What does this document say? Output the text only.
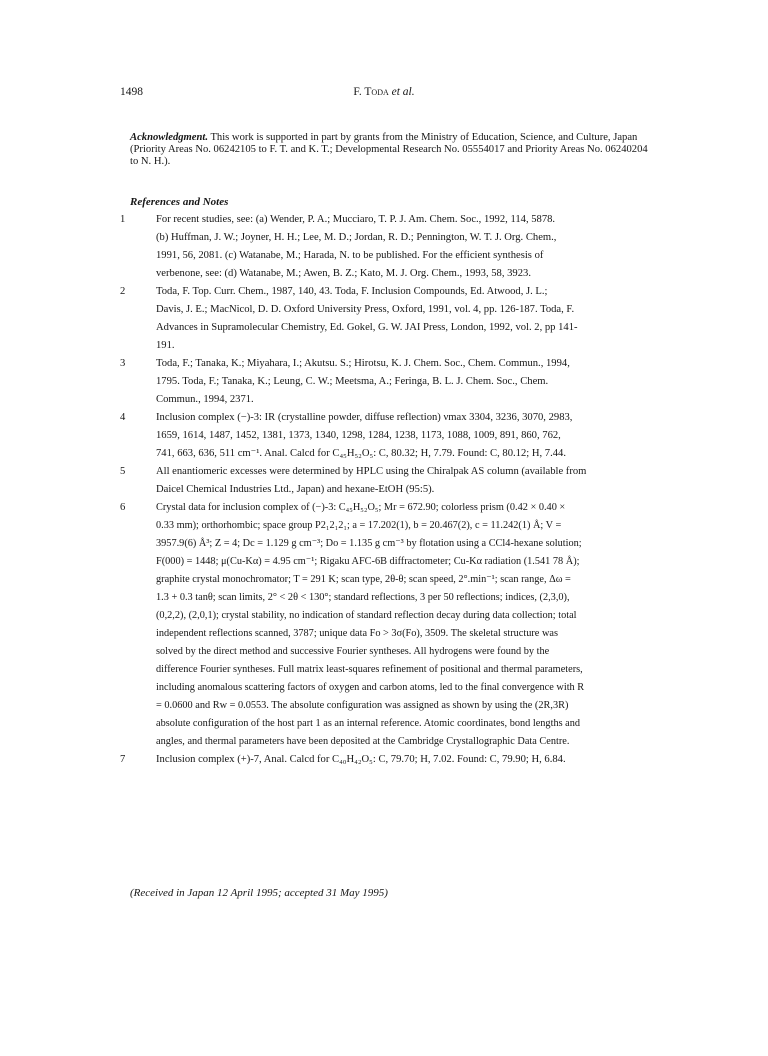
1498	F. Toda et al.
Acknowledgment. This work is supported in part by grants from the Ministry of Education, Science, and Culture, Japan (Priority Areas No. 06242105 to F. T. and K. T.; Developmental Research No. 05554017 and Priority Areas No. 06240204 to N. H.).
References and Notes
1	For recent studies, see: (a) Wender, P. A.; Mucciaro, T. P. J. Am. Chem. Soc., 1992, 114, 5878.
(b) Huffman, J. W.; Joyner, H. H.; Lee, M. D.; Jordan, R. D.; Pennington, W. T. J. Org. Chem.,
1991, 56, 2081. (c) Watanabe, M.; Harada, N. to be published. For the efficient synthesis of
verbenone, see: (d) Watanabe, M.; Awen, B. Z.; Kato, M. J. Org. Chem., 1993, 58, 3923.
2	Toda, F. Top. Curr. Chem., 1987, 140, 43. Toda, F. Inclusion Compounds, Ed. Atwood, J. L.;
Davis, J. E.; MacNicol, D. D. Oxford University Press, Oxford, 1991, vol. 4, pp. 126-187. Toda, F.
Advances in Supramolecular Chemistry, Ed. Gokel, G. W. JAI Press, London, 1992, vol. 2, pp 141-
191.
3	Toda, F.; Tanaka, K.; Miyahara, I.; Akutsu. S.; Hirotsu, K. J. Chem. Soc., Chem. Commun., 1994,
1795. Toda, F.; Tanaka, K.; Leung, C. W.; Meetsma, A.; Feringa, B. L. J. Chem. Soc., Chem.
Commun., 1994, 2371.
4	Inclusion complex (−)-3: IR (crystalline powder, diffuse reflection) νmax 3304, 3236, 3070, 2983,
1659, 1614, 1487, 1452, 1381, 1373, 1340, 1298, 1284, 1238, 1173, 1088, 1009, 891, 860, 762,
741, 663, 636, 511 cm⁻¹. Anal. Calcd for C₄₅H₅₂O₅: C, 80.32; H, 7.79. Found: C, 80.12; H, 7.44.
5	All enantiomeric excesses were determined by HPLC using the Chiralpak AS column (available from
Daicel Chemical Industries Ltd., Japan) and hexane-EtOH (95:5).
6	Crystal data for inclusion complex of (−)-3: C₄₅H₅₂O₅; Mr = 672.90; colorless prism (0.42 × 0.40 ×
0.33 mm); orthorhombic; space group P2₁2₁2₁; a = 17.202(1), b = 20.467(2), c = 11.242(1) Å; V =
3957.9(6) Å³; Z = 4; Dc = 1.129 g cm⁻³; Do = 1.135 g cm⁻³ by flotation using a CCl4-hexane solution;
F(000) = 1448; μ(Cu-Kα) = 4.95 cm⁻¹; Rigaku AFC-6B diffractometer; Cu-Kα radiation (1.541 78 Å);
graphite crystal monochromator; T = 291 K; scan type, 2θ-θ; scan speed, 2°.min⁻¹; scan range, Δω =
1.3 + 0.3 tanθ; scan limits, 2° < 2θ < 130°; standard reflections, 3 per 50 reflections; indices, (2,3,0),
(0,2,2), (2,0,1); crystal stability, no indication of standard reflection decay during data collection; total
independent reflections scanned, 3787; unique data Fo > 3σ(Fo), 3509. The skeletal structure was
solved by the direct method and successive Fourier syntheses. All hydrogens were found by the
difference Fourier syntheses. Full matrix least-squares refinement of positional and thermal parameters,
including anomalous scattering factors of oxygen and carbon atoms, led to the final convergence with R
= 0.0600 and Rw = 0.0553. The absolute configuration was assigned as shown by using the (2R,3R)
absolute configuration of the host part 1 as an internal reference. Atomic coordinates, bond lengths and
angles, and thermal parameters have been deposited at the Cambridge Crystallographic Data Centre.
7	Inclusion complex (+)-7, Anal. Calcd for C₄₀H₄₂O₅: C, 79.70; H, 7.02. Found: C, 79.90; H, 6.84.
(Received in Japan 12 April 1995; accepted 31 May 1995)
